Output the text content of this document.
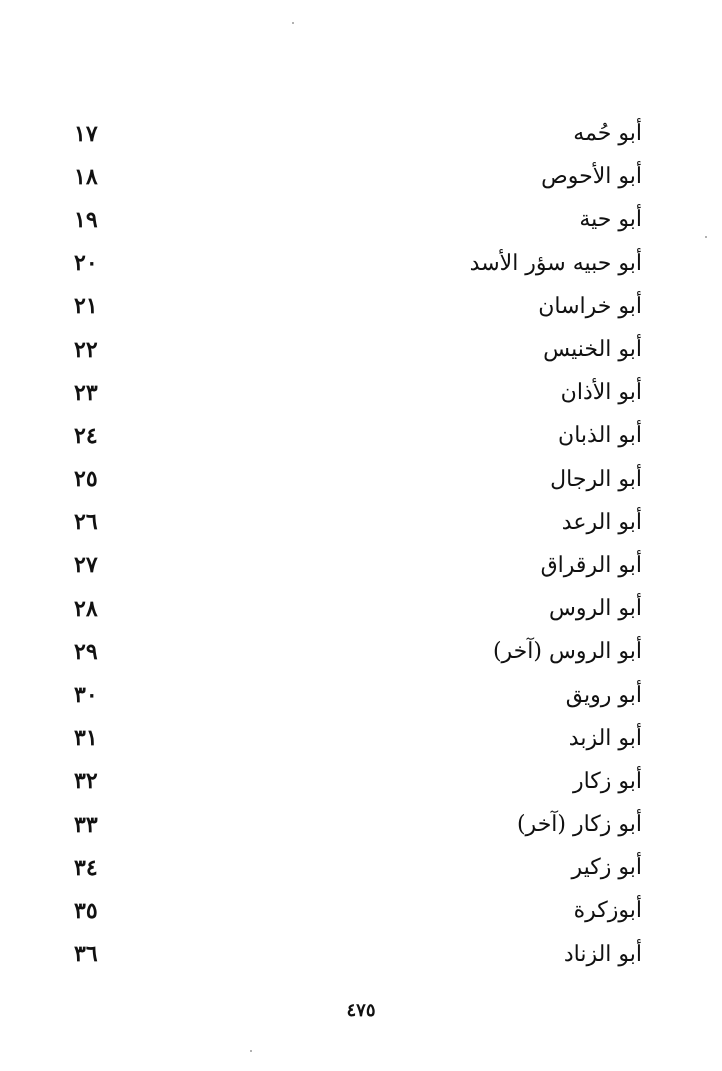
١٧	أبو حُمه
١٨	أبو الأحوص
١٩	أبو حية
٢٠	أبو حبيه سؤر الأسد
٢١	أبو خراسان
٢٢	أبو الخنيس
٢٣	أبو الأذان
٢٤	أبو الذبان
٢٥	أبو الرجال
٢٦	أبو الرعد
٢٧	أبو الرقراق
٢٨	أبو الروس
٢٩	أبو الروس (آخر)
٣٠	أبو رويق
٣١	أبو الزبد
٣٢	أبو زكار
٣٣	أبو زكار (آخر)
٣٤	أبو زكير
٣٥	أبوزكرة
٣٦	أبو الزناد
٤٧٥
